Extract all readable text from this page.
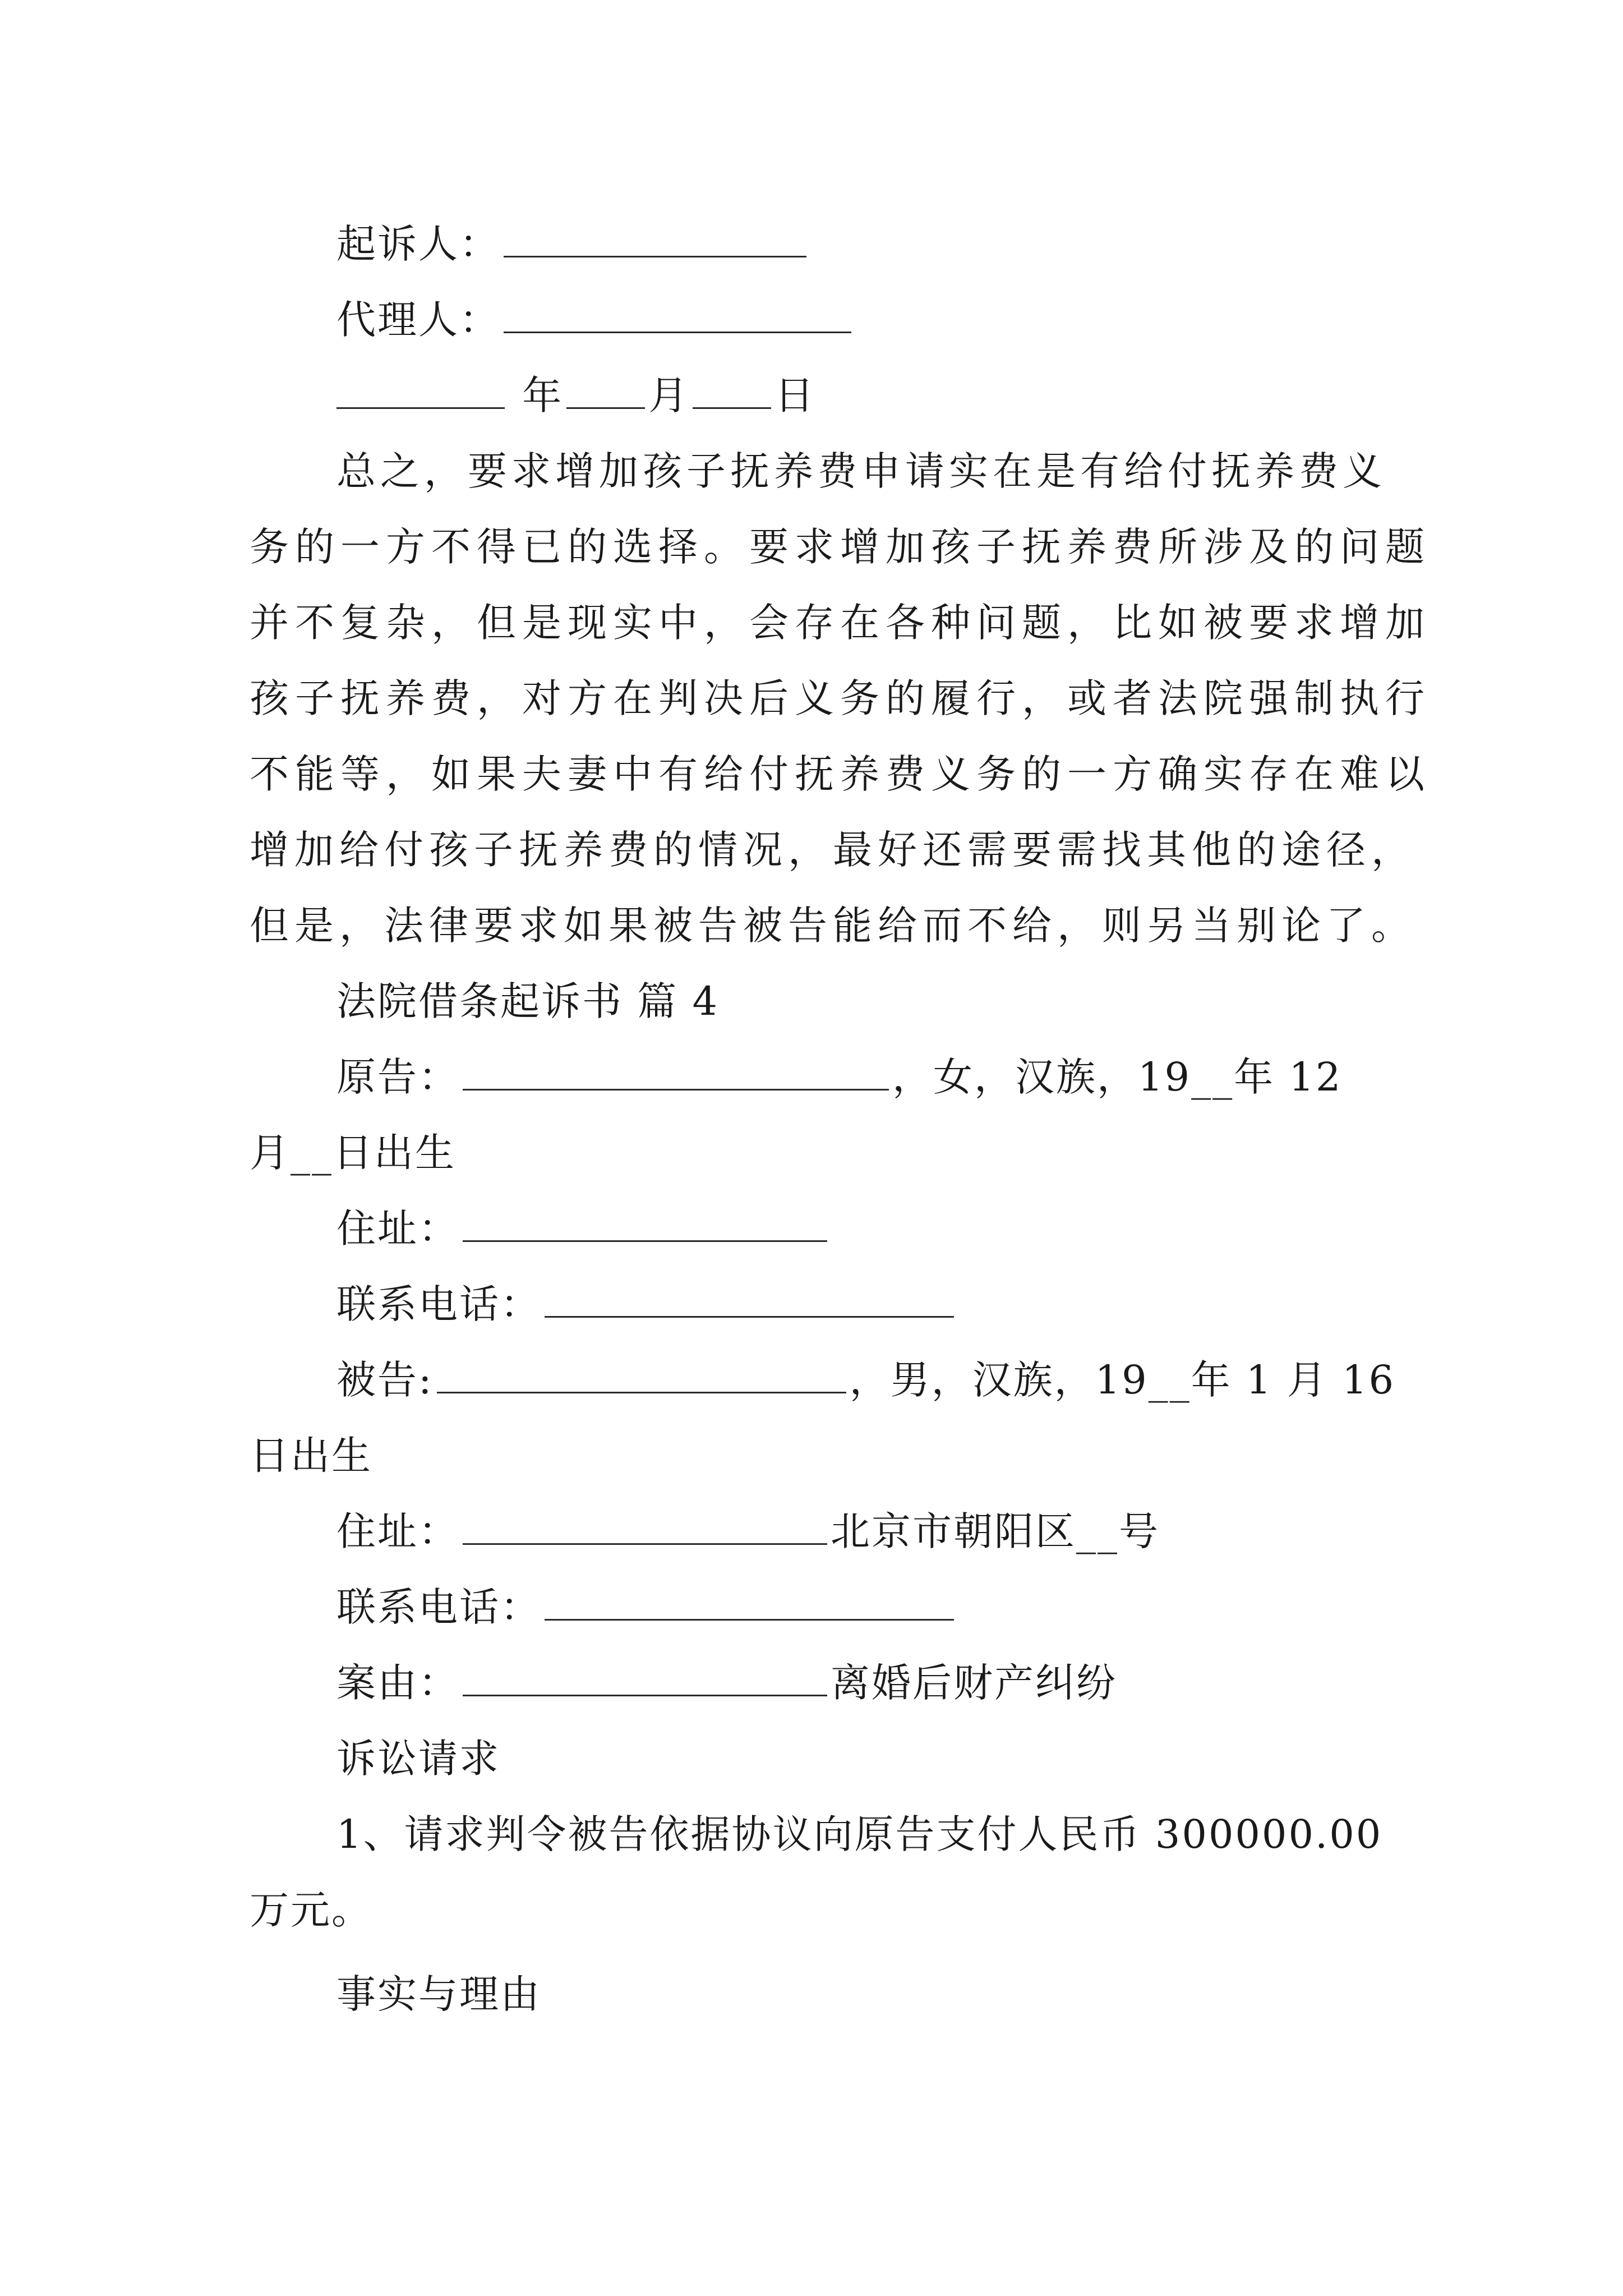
起诉人：
代理人：
年 月 日
总之，要求增加孩子抚养费申请实在是有给付抚养费义
务的一方不得已的选择。要求增加孩子抚养费所涉及的问题
并不复杂，但是现实中，会存在各种问题，比如被要求增加
孩子抚养费，对方在判决后义务的履行，或者法院强制执行
不能等，如果夫妻中有给付抚养费义务的一方确实存在难以
增加给付孩子抚养费的情况，最好还需要需找其他的途径，
但是，法律要求如果被告被告能给而不给，则另当别论了。
法院借条起诉书 篇 4
原告：	，女，汉族，19__年 12
月__日出生
住址：
联系电话：
被告:	，男，汉族，19__年 1 月 16
日出生
住址：	北京市朝阳区__号
联系电话：
案由：	离婚后财产纠纷
诉讼请求
1、请求判令被告依据协议向原告支付人民币 300000.00
万元。
事实与理由
